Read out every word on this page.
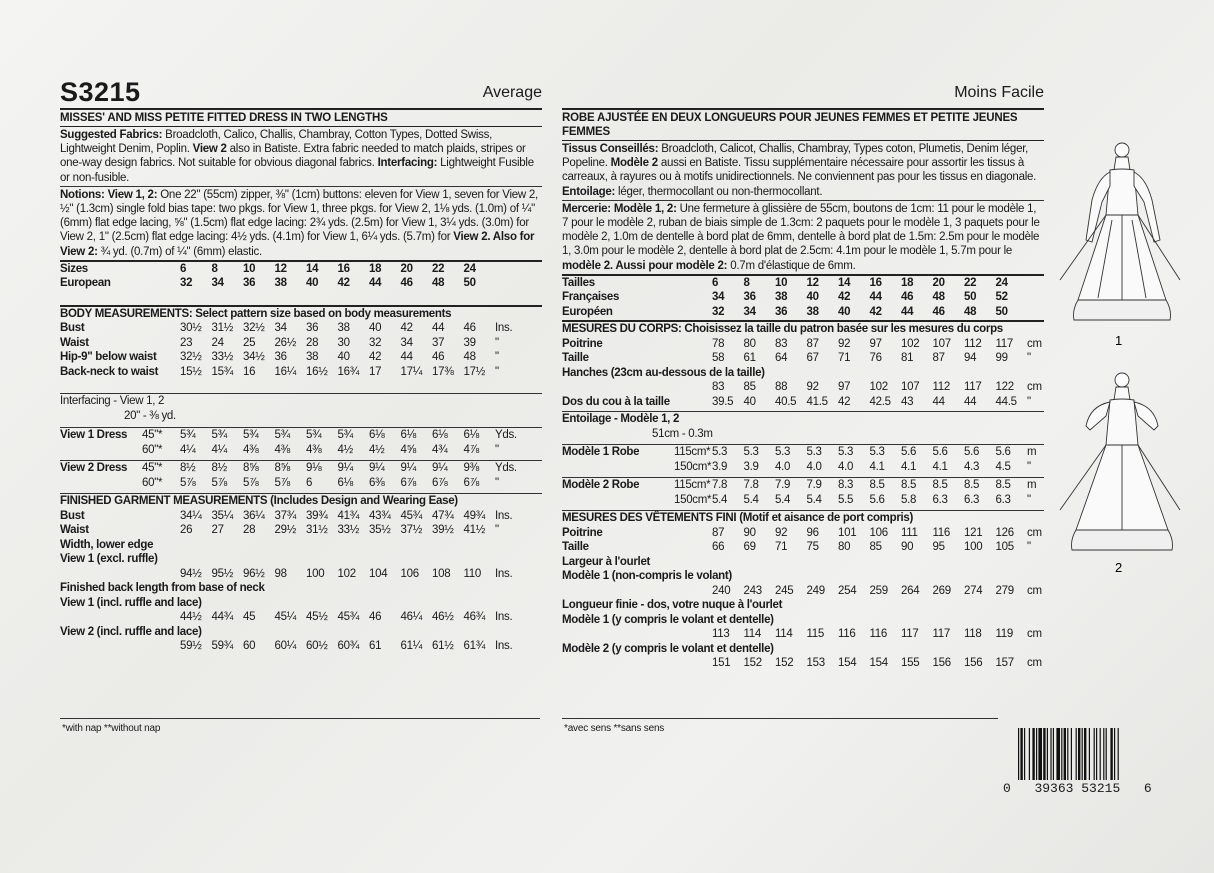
S3215	Average
MISSES' AND MISS PETITE FITTED DRESS IN TWO LENGTHS
Suggested Fabrics: Broadcloth, Calico, Challis, Chambray, Cotton Types, Dotted Swiss, Lightweight Denim, Poplin. View 2 also in Batiste. Extra fabric needed to match plaids, stripes or one-way design fabrics. Not suitable for obvious diagonal fabrics. Interfacing: Lightweight Fusible or non-fusible.
Notions: View 1, 2: One 22" (55cm) zipper, ⅜" (1cm) buttons: eleven for View 1, seven for View 2, ½" (1.3cm) single fold bias tape: two pkgs. for View 1, three pkgs. for View 2, 1⅛ yds. (1.0m) of ¼" (6mm) flat edge lacing, ⅝" (1.5cm) flat edge lacing: 2¾ yds. (2.5m) for View 1, 3¼ yds. (3.0m) for View 2, 1" (2.5cm) flat edge lacing: 4½ yds. (4.1m) for View 1, 6¼ yds. (5.7m) for View 2. Also for View 2: ¾ yd. (0.7m) of ¼" (6mm) elastic.
Sizes	6	8	10	12	14	16	18	20	22	24	
European	32	34	36	38	40	42	44	46	48	50	
BODY MEASUREMENTS: Select pattern size based on body measurements
Bust	30½	31½	32½	34	36	38	40	42	44	46	Ins.
Waist	23	24	25	26½	28	30	32	34	37	39	"
Hip-9" below waist	32½	33½	34½	36	38	40	42	44	46	48	"
Back-neck to waist	15½	15¾	16	16¼	16½	16¾	17	17¼	17⅜	17½	"
Interfacing - View 1, 2
20" - ⅜ yd.
View 1 Dress	45"*	5¾	5¾	5¾	5¾	5¾	5¾	6⅛	6⅛	6⅛	6⅛	Yds.
	60"*	4¼	4¼	4⅜	4⅜	4⅜	4½	4½	4⅝	4¾	4⅞	"
View 2 Dress	45"*	8½	8½	8⅝	8⅝	9⅛	9¼	9¼	9¼	9¼	9⅜	Yds.
	60"*	5⅞	5⅞	5⅞	5⅞	6	6⅛	6⅜	6⅞	6⅞	6⅞	"
FINISHED GARMENT MEASUREMENTS (Includes Design and Wearing Ease)
Bust	34¼	35¼	36¼	37¾	39¾	41¾	43¾	45¾	47¾	49¾	Ins.
Waist	26	27	28	29½	31½	33½	35½	37½	39½	41½	"
Width, lower edge											
View 1 (excl. ruffle)											
	94½	95½	96½	98	100	102	104	106	108	110	Ins.
Finished back length from base of neck											
View 1 (incl. ruffle and lace)											
	44½	44¾	45	45¼	45½	45¾	46	46¼	46½	46¾	Ins.
View 2 (incl. ruffle and lace)											
	59½	59¾	60	60¼	60½	60¾	61	61¼	61½	61¾	Ins.
Moins Facile
ROBE AJUSTÉE EN DEUX LONGUEURS POUR JEUNES FEMMES ET PETITE JEUNES FEMMES
Tissus Conseillés: Broadcloth, Calicot, Challis, Chambray, Types coton, Plumetis, Denim léger, Popeline. Modèle 2 aussi en Batiste. Tissu supplémentaire nécessaire pour assortir les tissus à carreaux, à rayures ou à motifs unidirectionnels. Ne conviennent pas pour les tissus en diagonale. Entoilage: léger, thermocollant ou non-thermocollant.
Mercerie: Modèle 1, 2: Une fermeture à glissière de 55cm, boutons de 1cm: 11 pour le modèle 1, 7 pour le modèle 2, ruban de biais simple de 1.3cm: 2 paquets pour le modèle 1, 3 paquets pour le modèle 2, 1.0m de dentelle à bord plat de 6mm, dentelle à bord plat de 1.5m: 2.5m pour le modèle 1, 3.0m pour le modèle 2, dentelle à bord plat de 2.5cm: 4.1m pour le modèle 1, 5.7m pour le modèle 2. Aussi pour modèle 2: 0.7m d'élastique de 6mm.
Tailles	6	8	10	12	14	16	18	20	22	24	
Françaises	34	36	38	40	42	44	46	48	50	52	
Européen	32	34	36	38	40	42	44	46	48	50	
MESURES DU CORPS: Choisissez la taille du patron basée sur les mesures du corps
Poitrine	78	80	83	87	92	97	102	107	112	117	cm
Taille	58	61	64	67	71	76	81	87	94	99	"
Hanches (23cm au-dessous de la taille)											
	83	85	88	92	97	102	107	112	117	122	cm
Dos du cou à la taille	39.5	40	40.5	41.5	42	42.5	43	44	44	44.5	"
Entoilage - Modèle 1, 2
51cm - 0.3m
Modèle 1 Robe	115cm*	5.3	5.3	5.3	5.3	5.3	5.3	5.6	5.6	5.6	5.6	m
	150cm*	3.9	3.9	4.0	4.0	4.0	4.1	4.1	4.1	4.3	4.5	"
Modèle 2 Robe	115cm*	7.8	7.8	7.9	7.9	8.3	8.5	8.5	8.5	8.5	8.5	m
	150cm*	5.4	5.4	5.4	5.4	5.5	5.6	5.8	6.3	6.3	6.3	"
MESURES DES VÊTEMENTS FINI (Motif et aisance de port compris)
Poitrine	87	90	92	96	101	106	111	116	121	126	cm
Taille	66	69	71	75	80	85	90	95	100	105	"
Largeur à l'ourlet											
Modèle 1 (non-compris le volant)											
	240	243	245	249	254	259	264	269	274	279	cm
Longueur finie - dos, votre nuque à l'ourlet											
Modèle 1 (y compris le volant et dentelle)											
	113	114	114	115	116	116	117	117	118	119	cm
Modèle 2 (y compris le volant et dentelle)											
	151	152	152	153	154	154	155	156	156	157	cm
*with nap **without nap	*avec sens **sans sens
1
2
0 39363 53215 6
